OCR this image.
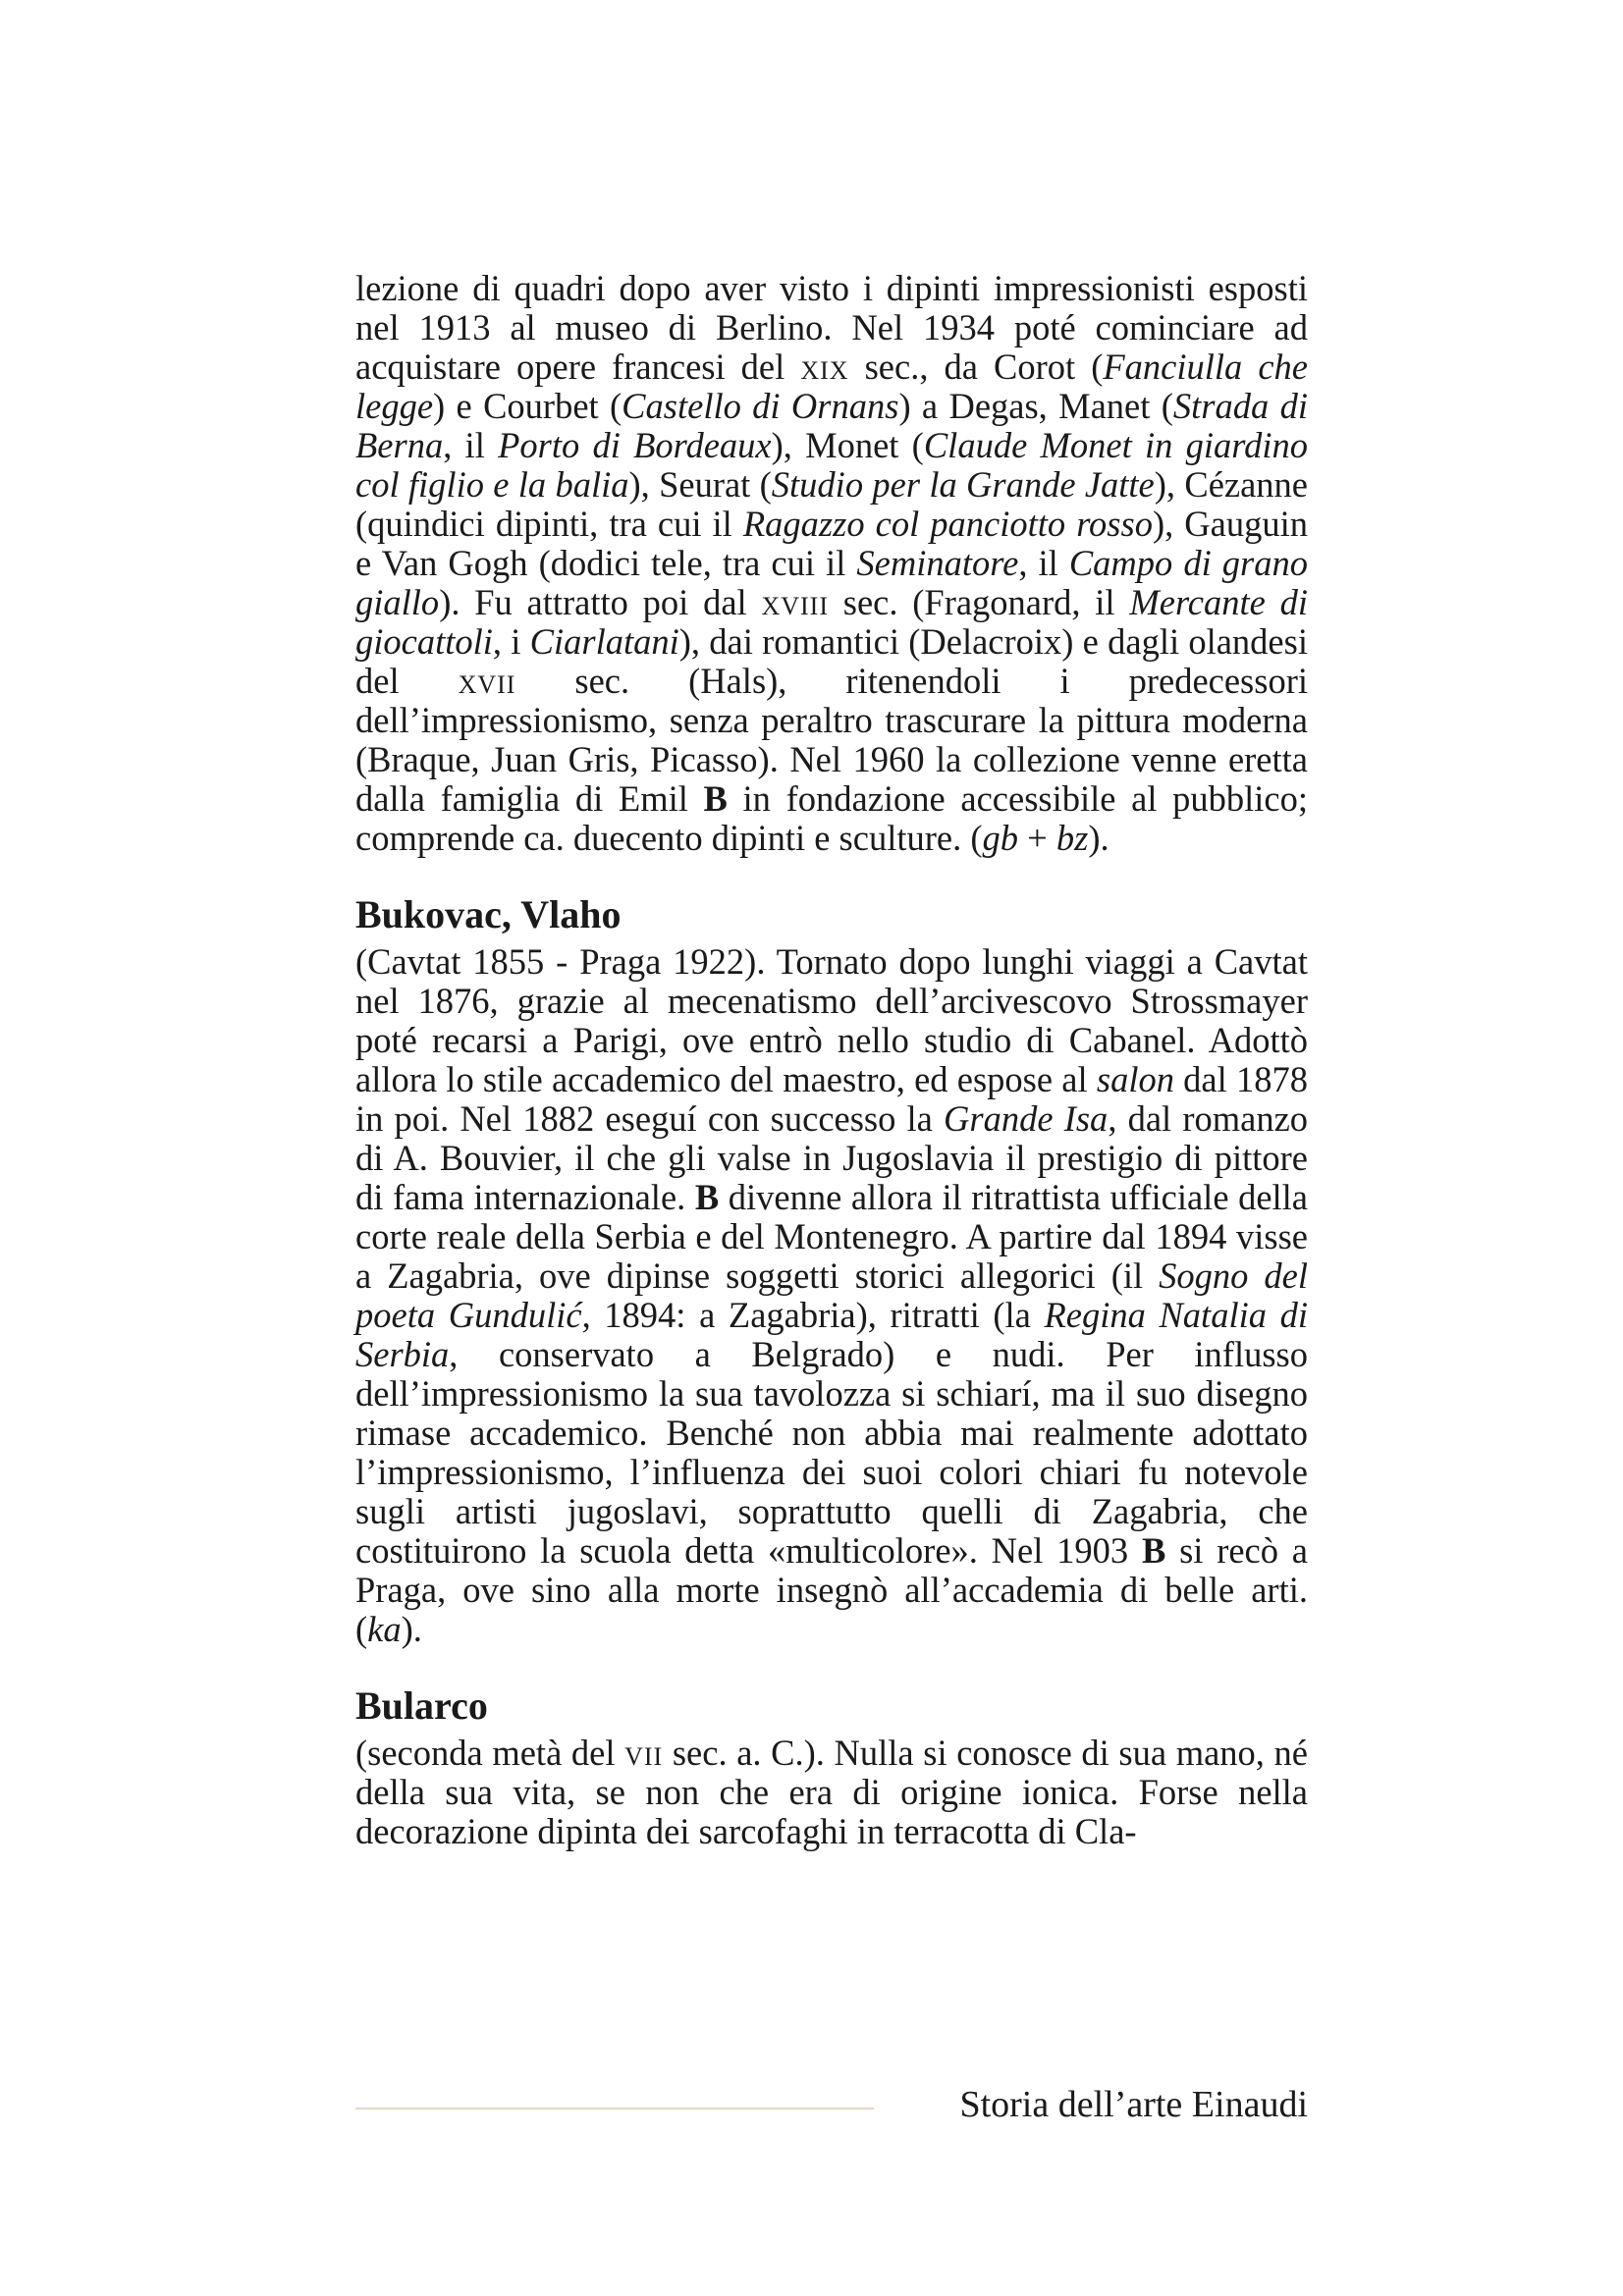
lezione di quadri dopo aver visto i dipinti impressionisti esposti nel 1913 al museo di Berlino. Nel 1934 poté cominciare ad acquistare opere francesi del xix sec., da Corot (Fanciulla che legge) e Courbet (Castello di Ornans) a Degas, Manet (Strada di Berna, il Porto di Bordeaux), Monet (Claude Monet in giardino col figlio e la balia), Seurat (Studio per la Grande Jatte), Cézanne (quindici dipinti, tra cui il Ragazzo col panciotto rosso), Gauguin e Van Gogh (dodici tele, tra cui il Seminatore, il Campo di grano giallo). Fu attratto poi dal xviii sec. (Fragonard, il Mercante di giocattoli, i Ciarlatani), dai romantici (Delacroix) e dagli olandesi del xvii sec. (Hals), ritenendoli i predecessori dell’impressionismo, senza peraltro trascurare la pittura moderna (Braque, Juan Gris, Picasso). Nel 1960 la collezione venne eretta dalla famiglia di Emil B in fondazione accessibile al pubblico; comprende ca. duecento dipinti e sculture. (gb + bz).

Bukovac, Vlaho

(Cavtat 1855 - Praga 1922). Tornato dopo lunghi viaggi a Cavtat nel 1876, grazie al mecenatismo dell’arcivescovo Strossmayer poté recarsi a Parigi, ove entrò nello studio di Cabanel. Adottò allora lo stile accademico del maestro, ed espose al salon dal 1878 in poi. Nel 1882 eseguí con successo la Grande Isa, dal romanzo di A. Bouvier, il che gli valse in Jugoslavia il prestigio di pittore di fama internazionale. B divenne allora il ritrattista ufficiale della corte reale della Serbia e del Montenegro. A partire dal 1894 visse a Zagabria, ove dipinse soggetti storici allegorici (il Sogno del poeta Gundulić, 1894: a Zagabria), ritratti (la Regina Natalia di Serbia, conservato a Belgrado) e nudi. Per influsso dell’impressionismo la sua tavolozza si schiarí, ma il suo disegno rimase accademico. Benché non abbia mai realmente adottato l’impressionismo, l’influenza dei suoi colori chiari fu notevole sugli artisti jugoslavi, soprattutto quelli di Zagabria, che costituirono la scuola detta «multicolore». Nel 1903 B si recò a Praga, ove sino alla morte insegnò all’accademia di belle arti. (ka).

Bularco

(seconda metà del vii sec. a. C.). Nulla si conosce di sua mano, né della sua vita, se non che era di origine ionica. Forse nella decorazione dipinta dei sarcofaghi in terracotta di Cla-

Storia dell’arte Einaudi
